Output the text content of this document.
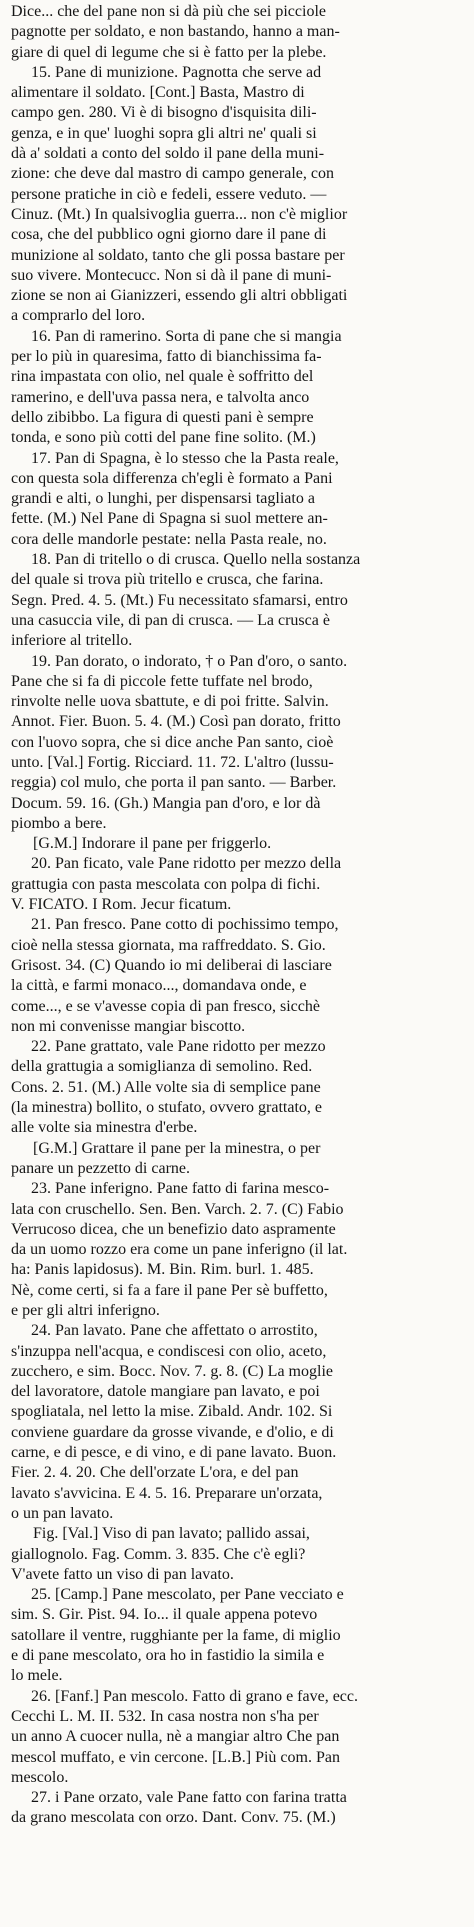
Dice... che del pane non si dà più che sei picciole
pagnotte per soldato, e non bastando, hanno a man-
giare di quel di legume che si è fatto per la plebe.
15. Pane di munizione. Pagnotta che serve ad
alimentare il soldato. [Cont.] Basta, Mastro di
campo gen. 280. Vi è di bisogno d'isquisita dili-
genza, e in que' luoghi sopra gli altri ne' quali si
dà a' soldati a conto del soldo il pane della muni-
zione: che deve dal mastro di campo generale, con
persone pratiche in ciò e fedeli, essere veduto. —
Cinuz. (Mt.) In qualsivoglia guerra... non c'è miglior
cosa, che del pubblico ogni giorno dare il pane di
munizione al soldato, tanto che gli possa bastare per
suo vivere. Montecucc. Non si dà il pane di muni-
zione se non ai Gianizzeri, essendo gli altri obbligati
a comprarlo del loro.
16. Pan di ramerino. Sorta di pane che si mangia
per lo più in quaresima, fatto di bianchissima fa-
rina impastata con olio, nel quale è soffritto del
ramerino, e dell'uva passa nera, e talvolta anco
dello zibibbo. La figura di questi pani è sempre
tonda, e sono più cotti del pane fine solito. (M.)
17. Pan di Spagna, è lo stesso che la Pasta reale,
con questa sola differenza ch'egli è formato a Pani
grandi e alti, o lunghi, per dispensarsi tagliato a
fette. (M.) Nel Pane di Spagna si suol mettere an-
cora delle mandorle pestate: nella Pasta reale, no.
18. Pan di tritello o di crusca. Quello nella sostanza
del quale si trova più tritello e crusca, che farina.
Segn. Pred. 4. 5. (Mt.) Fu necessitato sfamarsi, entro
una casuccia vile, di pan di crusca. — La crusca è
inferiore al tritello.
19. Pan dorato, o indorato, † o Pan d'oro, o santo.
Pane che si fa di piccole fette tuffate nel brodo,
rinvolte nelle uova sbattute, e di poi fritte. Salvin.
Annot. Fier. Buon. 5. 4. (M.) Così pan dorato, fritto
con l'uovo sopra, che si dice anche Pan santo, cioè
unto. [Val.] Fortig. Ricciard. 11. 72. L'altro (lussu-
reggia) col mulo, che porta il pan santo. — Barber.
Docum. 59. 16. (Gh.) Mangia pan d'oro, e lor dà
piombo a bere.
[G.M.] Indorare il pane per friggerlo.
20. Pan ficato, vale Pane ridotto per mezzo della
grattugia con pasta mescolata con polpa di fichi.
V. FICATO. I Rom. Jecur ficatum.
21. Pan fresco. Pane cotto di pochissimo tempo,
cioè nella stessa giornata, ma raffreddato. S. Gio.
Grisost. 34. (C) Quando io mi deliberai di lasciare
la città, e farmi monaco..., domandava onde, e
come..., e se v'avesse copia di pan fresco, sicchè
non mi convenisse mangiar biscotto.
22. Pane grattato, vale Pane ridotto per mezzo
della grattugia a somiglianza di semolino. Red.
Cons. 2. 51. (M.) Alle volte sia di semplice pane
(la minestra) bollito, o stufato, ovvero grattato, e
alle volte sia minestra d'erbe.
[G.M.] Grattare il pane per la minestra, o per
panare un pezzetto di carne.
23. Pane inferigno. Pane fatto di farina mesco-
lata con cruschello. Sen. Ben. Varch. 2. 7. (C) Fabio
Verrucoso dicea, che un benefizio dato aspramente
da un uomo rozzo era come un pane inferigno (il lat.
ha: Panis lapidosus). M. Bin. Rim. burl. 1. 485.
Nè, come certi, si fa a fare il pane Per sè buffetto,
e per gli altri inferigno.
24. Pan lavato. Pane che affettato o arrostito,
s'inzuppa nell'acqua, e condiscesi con olio, aceto,
zucchero, e sim. Bocc. Nov. 7. g. 8. (C) La moglie
del lavoratore, datole mangiare pan lavato, e poi
spogliatala, nel letto la mise. Zibald. Andr. 102. Si
conviene guardare da grosse vivande, e d'olio, e di
carne, e di pesce, e di vino, e di pane lavato. Buon.
Fier. 2. 4. 20. Che dell'orzate L'ora, e del pan
lavato s'avvicina. E 4. 5. 16. Preparare un'orzata,
o un pan lavato.
Fig. [Val.] Viso di pan lavato; pallido assai,
giallognolo. Fag. Comm. 3. 835. Che c'è egli?
V'avete fatto un viso di pan lavato.
25. [Camp.] Pane mescolato, per Pane vecciato e
sim. S. Gir. Pist. 94. Io... il quale appena potevo
satollare il ventre, rugghiante per la fame, di miglio
e di pane mescolato, ora ho in fastidio la simila e
lo mele.
26. [Fanf.] Pan mescolo. Fatto di grano e fave, ecc.
Cecchi L. M. II. 532. In casa nostra non s'ha per
un anno A cuocer nulla, nè a mangiar altro Che pan
mescol muffato, e vin cercone. [L.B.] Più com. Pan
mescolo.
27. i Pane orzato, vale Pane fatto con farina tratta
da grano mescolata con orzo. Dant. Conv. 75. (M.)
